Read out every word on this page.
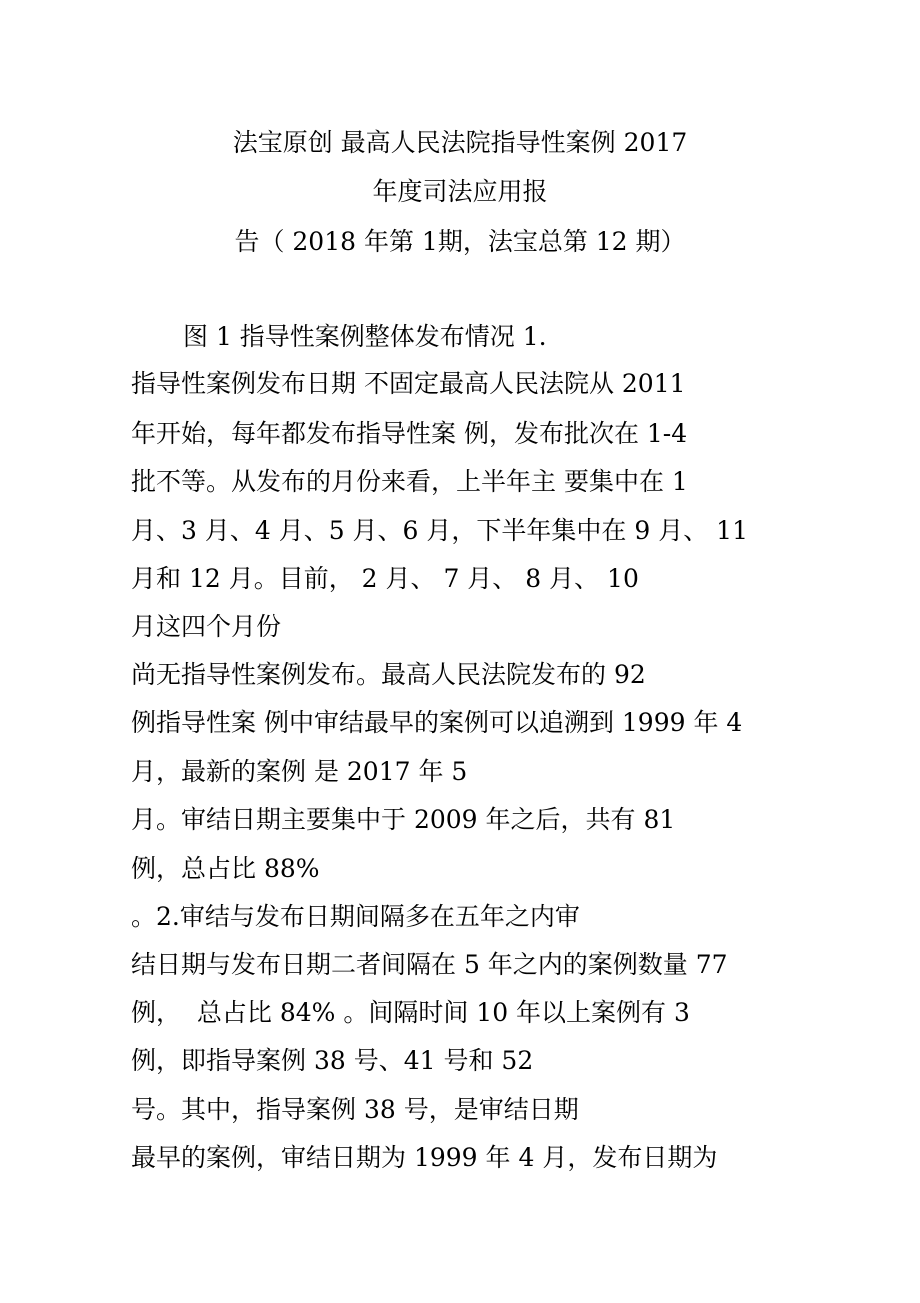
法宝原创 最高人民法院指导性案例 2017
年度司法应用报
告（ 2018 年第 1期，法宝总第 12 期）
图 1 指导性案例整体发布情况 1.
指导性案例发布日期 不固定最高人民法院从 2011
年开始，每年都发布指导性案 例，发布批次在 1-4
批不等。从发布的月份来看，上半年主 要集中在 1
月、3 月、4 月、5 月、6 月，下半年集中在 9 月、 11
月和 12 月。目前， 2 月、 7 月、 8 月、 10
月这四个月份
尚无指导性案例发布。最高人民法院发布的 92
例指导性案 例中审结最早的案例可以追溯到 1999 年 4
月，最新的案例 是 2017 年 5
月。审结日期主要集中于 2009 年之后，共有 81
例，总占比 88%
。2.审结与发布日期间隔多在五年之内审
结日期与发布日期二者间隔在 5 年之内的案例数量 77
例，  总占比 84% 。间隔时间 10 年以上案例有 3
例，即指导案例 38 号、41 号和 52
号。其中，指导案例 38 号，是审结日期
最早的案例，审结日期为 1999 年 4 月，发布日期为
